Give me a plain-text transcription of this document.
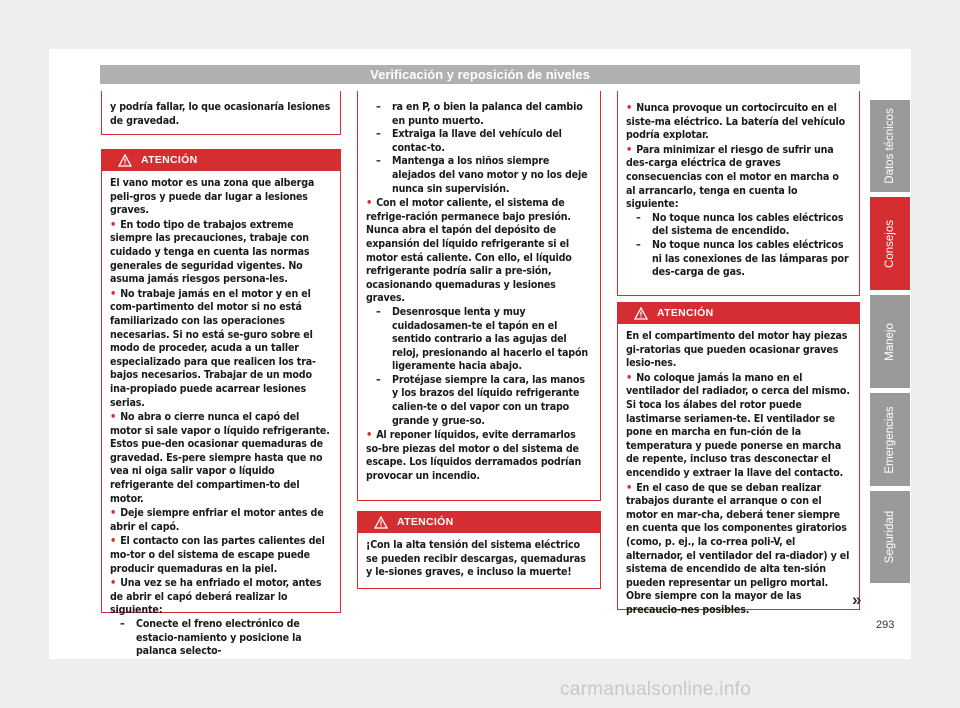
Verificación y reposición de niveles

y podría fallar, lo que ocasionaría lesiones de gravedad.

ATENCIÓN

El vano motor es una zona que alberga peli-gros y puede dar lugar a lesiones graves.

• En todo tipo de trabajos extreme siempre las precauciones, trabaje con cuidado y tenga en cuenta las normas generales de seguridad vigentes. No asuma jamás riesgos persona-les.

• No trabaje jamás en el motor y en el com-partimento del motor si no está familiarizado con las operaciones necesarias. Si no está se-guro sobre el modo de proceder, acuda a un taller especializado para que realicen los tra-bajos necesarios. Trabajar de un modo ina-propiado puede acarrear lesiones serias.

• No abra o cierre nunca el capó del motor si sale vapor o líquido refrigerante. Estos pue-den ocasionar quemaduras de gravedad. Es-pere siempre hasta que no vea ni oiga salir vapor o líquido refrigerante del compartimen-to del motor.

• Deje siempre enfriar el motor antes de abrir el capó.

• El contacto con las partes calientes del mo-tor o del sistema de escape puede producir quemaduras en la piel.

• Una vez se ha enfriado el motor, antes de abrir el capó deberá realizar lo siguiente:

– Conecte el freno electrónico de estacio-namiento y posicione la palanca selecto-

– ra en P, o bien la palanca del cambio en punto muerto.

– Extraiga la llave del vehículo del contac-to.

– Mantenga a los niños siempre alejados del vano motor y no los deje nunca sin supervisión.

• Con el motor caliente, el sistema de refrige-ración permanece bajo presión. Nunca abra el tapón del depósito de expansión del líquido refrigerante si el motor está caliente. Con ello, el líquido refrigerante podría salir a pre-sión, ocasionando quemaduras y lesiones graves.

– Desenrosque lenta y muy cuidadosamen-te el tapón en el sentido contrario a las agujas del reloj, presionando al hacerlo el tapón ligeramente hacia abajo.

– Protéjase siempre la cara, las manos y los brazos del líquido refrigerante calien-te o del vapor con un trapo grande y grue-so.

• Al reponer líquidos, evite derramarlos so-bre piezas del motor o del sistema de escape. Los líquidos derramados podrían provocar un incendio.

ATENCIÓN

¡Con la alta tensión del sistema eléctrico se pueden recibir descargas, quemaduras y le-siones graves, e incluso la muerte!

• Nunca provoque un cortocircuito en el siste-ma eléctrico. La batería del vehículo podría explotar.

• Para minimizar el riesgo de sufrir una des-carga eléctrica de graves consecuencias con el motor en marcha o al arrancarlo, tenga en cuenta lo siguiente:

– No toque nunca los cables eléctricos del sistema de encendido.

– No toque nunca los cables eléctricos ni las conexiones de las lámparas por des-carga de gas.

ATENCIÓN

En el compartimento del motor hay piezas gi-ratorias que pueden ocasionar graves lesio-nes.

• No coloque jamás la mano en el ventilador del radiador, o cerca del mismo. Si toca los álabes del rotor puede lastimarse seriamen-te. El ventilador se pone en marcha en fun-ción de la temperatura y puede ponerse en marcha de repente, incluso tras desconectar el encendido y extraer la llave del contacto.

• En el caso de que se deban realizar trabajos durante el arranque o con el motor en mar-cha, deberá tener siempre en cuenta que los componentes giratorios (como, p. ej., la co-rrea poli-V, el alternador, el ventilador del ra-diador) y el sistema de encendido de alta ten-sión pueden representar un peligro mortal. Obre siempre con la mayor de las precaucio-nes posibles.

»
Datos técnicos
Consejos
Manejo
Emergencias
Seguridad
293
carmanualsonline.info
